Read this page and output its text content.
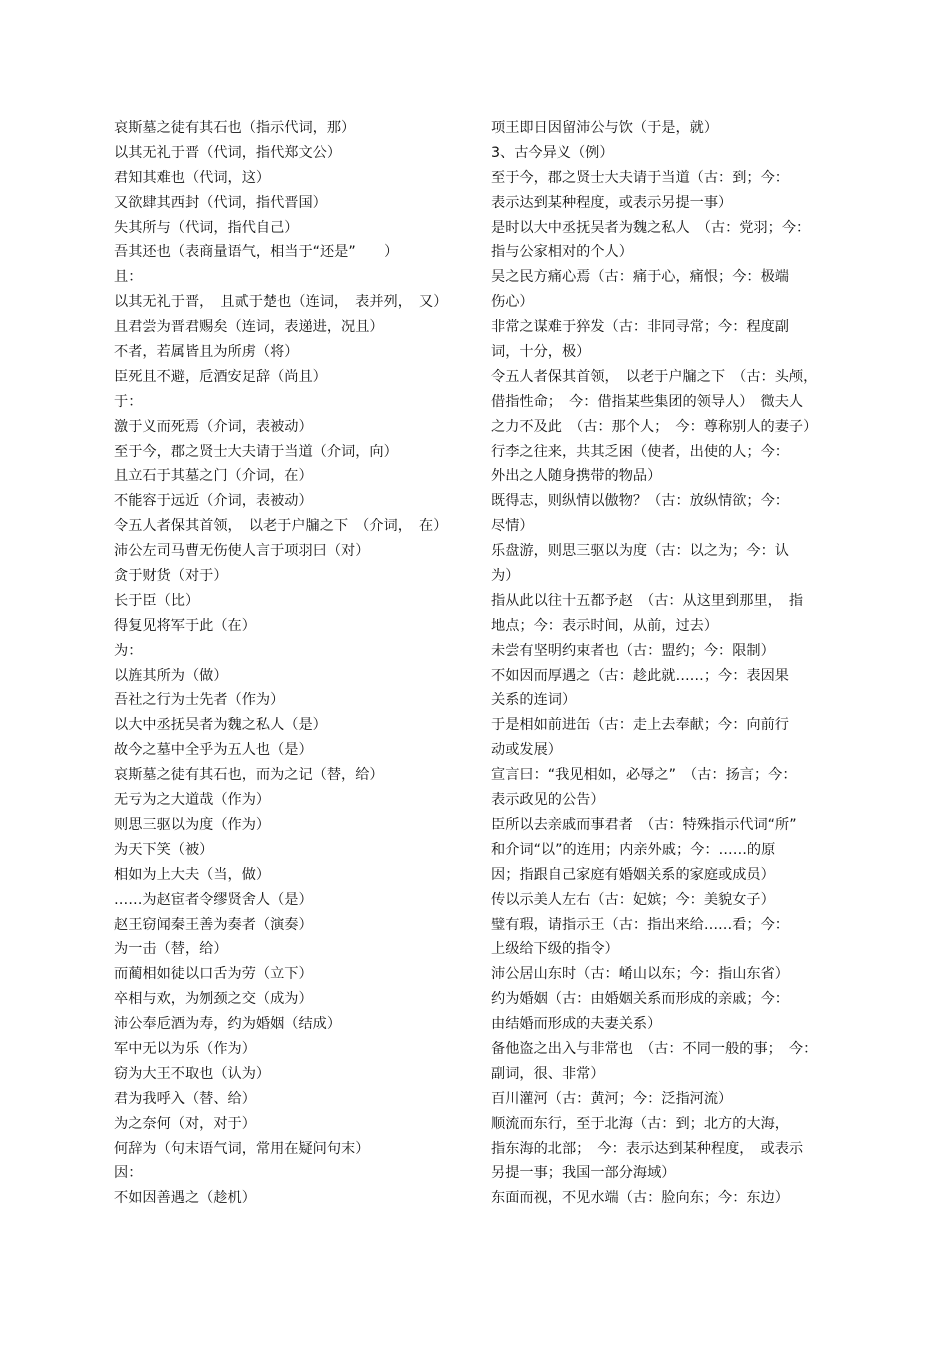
哀斯墓之徒有其石也（指示代词，那）
以其无礼于晋（代词，指代郑文公）
君知其难也（代词，这）
又欲肆其西封（代词，指代晋国）
失其所与（代词，指代自己）
吾其还也（表商量语气，相当于“还是”　　）
且：
以其无礼于晋，　且贰于楚也（连词，　表并列，　又）
且君尝为晋君赐矣（连词，表递进，况且）
不者，若属皆且为所虏（将）
臣死且不避，卮酒安足辞（尚且）
于：
激于义而死焉（介词，表被动）
至于今，郡之贤士大夫请于当道（介词，向）
且立石于其墓之门（介词，在）
不能容于远近（介词，表被动）
令五人者保其首领，　以老于户牖之下　（介词，　在）
沛公左司马曹无伤使人言于项羽曰（对）
贪于财货（对于）
长于臣（比）
得复见将军于此（在）
为：
以旌其所为（做）
吾社之行为士先者（作为）
以大中丞抚吴者为魏之私人（是）
故今之墓中全乎为五人也（是）
哀斯墓之徒有其石也，而为之记（替，给）
无亏为之大道哉（作为）
则思三驱以为度（作为）
为天下笑（被）
相如为上大夫（当，做）
……为赵宦者令缪贤舍人（是）
赵王窃闻秦王善为奏者（演奏）
为一击（替，给）
而蔺相如徒以口舌为劳（立下）
卒相与欢，为刎颈之交（成为）
沛公奉卮酒为寿，约为婚姻（结成）
军中无以为乐（作为）
窃为大王不取也（认为）
君为我呼入（替、给）
为之奈何（对，对于）
何辞为（句末语气词，常用在疑问句末）
因：
不如因善遇之（趁机）
项王即日因留沛公与饮（于是，就）
3、古今异义（例）
至于今，郡之贤士大夫请于当道（古：到；今：
表示达到某种程度，或表示另提一事）
是时以大中丞抚吴者为魏之私人　（古：党羽；今：
指与公家相对的个人）
吴之民方痛心焉（古：痛于心，痛恨；今：极端
伤心）
非常之谋难于猝发（古：非同寻常；今：程度副
词，十分，极）
令五人者保其首领，　以老于户牖之下　（古：头颅，
借指性命；　今：借指某些集团的领导人）　微夫人
之力不及此　（古：那个人；　今：尊称别人的妻子）
行李之往来，共其乏困（使者，出使的人；今：
外出之人随身携带的物品）
既得志，则纵情以傲物？（古：放纵情欲；今：
尽情）
乐盘游，则思三驱以为度（古：以之为；今：认
为）
指从此以往十五都予赵　（古：从这里到那里，　指
地点；今：表示时间，从前，过去）
未尝有坚明约束者也（古：盟约；今：限制）
不如因而厚遇之（古：趁此就……；今：表因果
关系的连词）
于是相如前进缶（古：走上去奉献；今：向前行
动或发展）
宣言曰：“我见相如，必辱之”　（古：扬言；今：
表示政见的公告）
臣所以去亲戚而事君者　（古：特殊指示代词“所”
和介词“以”的连用；内亲外戚；今：……的原
因；指跟自己家庭有婚姻关系的家庭或成员）
传以示美人左右（古：妃嫔；今：美貌女子）
璧有瑕，请指示王（古：指出来给……看；今：
上级给下级的指令）
沛公居山东时（古：崤山以东；今：指山东省）
约为婚姻（古：由婚姻关系而形成的亲戚；今：
由结婚而形成的夫妻关系）
备他盗之出入与非常也　（古：不同一般的事；　今：
副词，很、非常）
百川灌河（古：黄河；今：泛指河流）
顺流而东行，至于北海（古：到；北方的大海，
指东海的北部；　今：表示达到某种程度，　或表示
另提一事；我国一部分海域）
东面而视，不见水端（古：脸向东；今：东边）
